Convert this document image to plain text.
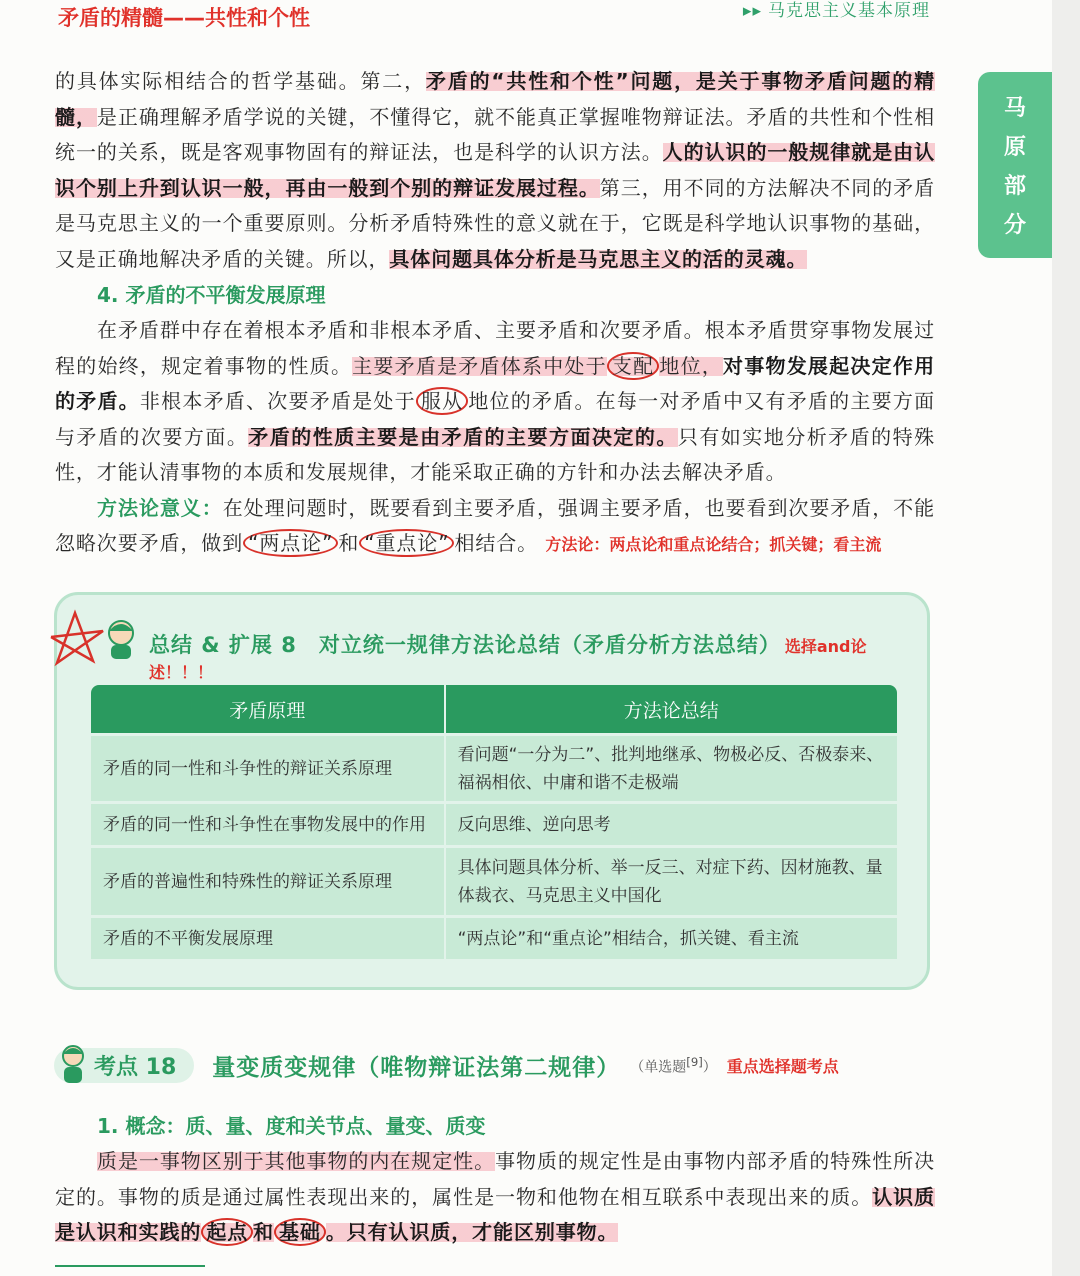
矛盾的精髓——共性和个性	▸▸ 马克思主义基本原理
马
原
部
分

的具体实际相结合的哲学基础。第二，矛盾的“共性和个性”问题，是关于事物矛盾问题的精髓，是正确理解矛盾学说的关键，不懂得它，就不能真正掌握唯物辩证法。矛盾的共性和个性相统一的关系，既是客观事物固有的辩证法，也是科学的认识方法。人的认识的一般规律就是由认识个别上升到认识一般，再由一般到个别的辩证发展过程。第三，用不同的方法解决不同的矛盾是马克思主义的一个重要原则。分析矛盾特殊性的意义就在于，它既是科学地认识事物的基础，又是正确地解决矛盾的关键。所以，具体问题具体分析是马克思主义的活的灵魂。

4. 矛盾的不平衡发展原理

在矛盾群中存在着根本矛盾和非根本矛盾、主要矛盾和次要矛盾。根本矛盾贯穿事物发展过程的始终，规定着事物的性质。主要矛盾是矛盾体系中处于 支配 地位，对事物发展起决定作用的矛盾。非根本矛盾、次要矛盾是处于 服从 地位的矛盾。在每一对矛盾中又有矛盾的主要方面与矛盾的次要方面。矛盾的性质主要是由矛盾的主要方面决定的。只有如实地分析矛盾的特殊性，才能认清事物的本质和发展规律，才能采取正确的方针和办法去解决矛盾。

方法论意义：在处理问题时，既要看到主要矛盾，强调主要矛盾，也要看到次要矛盾，不能忽略次要矛盾，做到 “两点论” 和 “重点论” 相结合。 方法论：两点论和重点论结合；抓关键；看主流

总结 & 扩展 8　对立统一规律方法论总结（矛盾分析方法总结） 选择and论述！！！
矛盾原理	方法论总结
矛盾的同一性和斗争性的辩证关系原理	看问题“一分为二”、批判地继承、物极必反、否极泰来、福祸相依、中庸和谐不走极端
矛盾的同一性和斗争性在事物发展中的作用	反向思维、逆向思考
矛盾的普遍性和特殊性的辩证关系原理	具体问题具体分析、举一反三、对症下药、因材施教、量体裁衣、马克思主义中国化
矛盾的不平衡发展原理	“两点论”和“重点论”相结合，抓关键、看主流
考点 18	量变质变规律（唯物辩证法第二规律） （单选题[9]） 重点选择题考点
1. 概念：质、量、度和关节点、量变、质变

质是一事物区别于其他事物的内在规定性。事物质的规定性是由事物内部矛盾的特殊性所决定的。事物的质是通过属性表现出来的，属性是一物和他物在相互联系中表现出来的质。认识质是认识和实践的 起点 和 基础 。只有认识质，才能区别事物。
